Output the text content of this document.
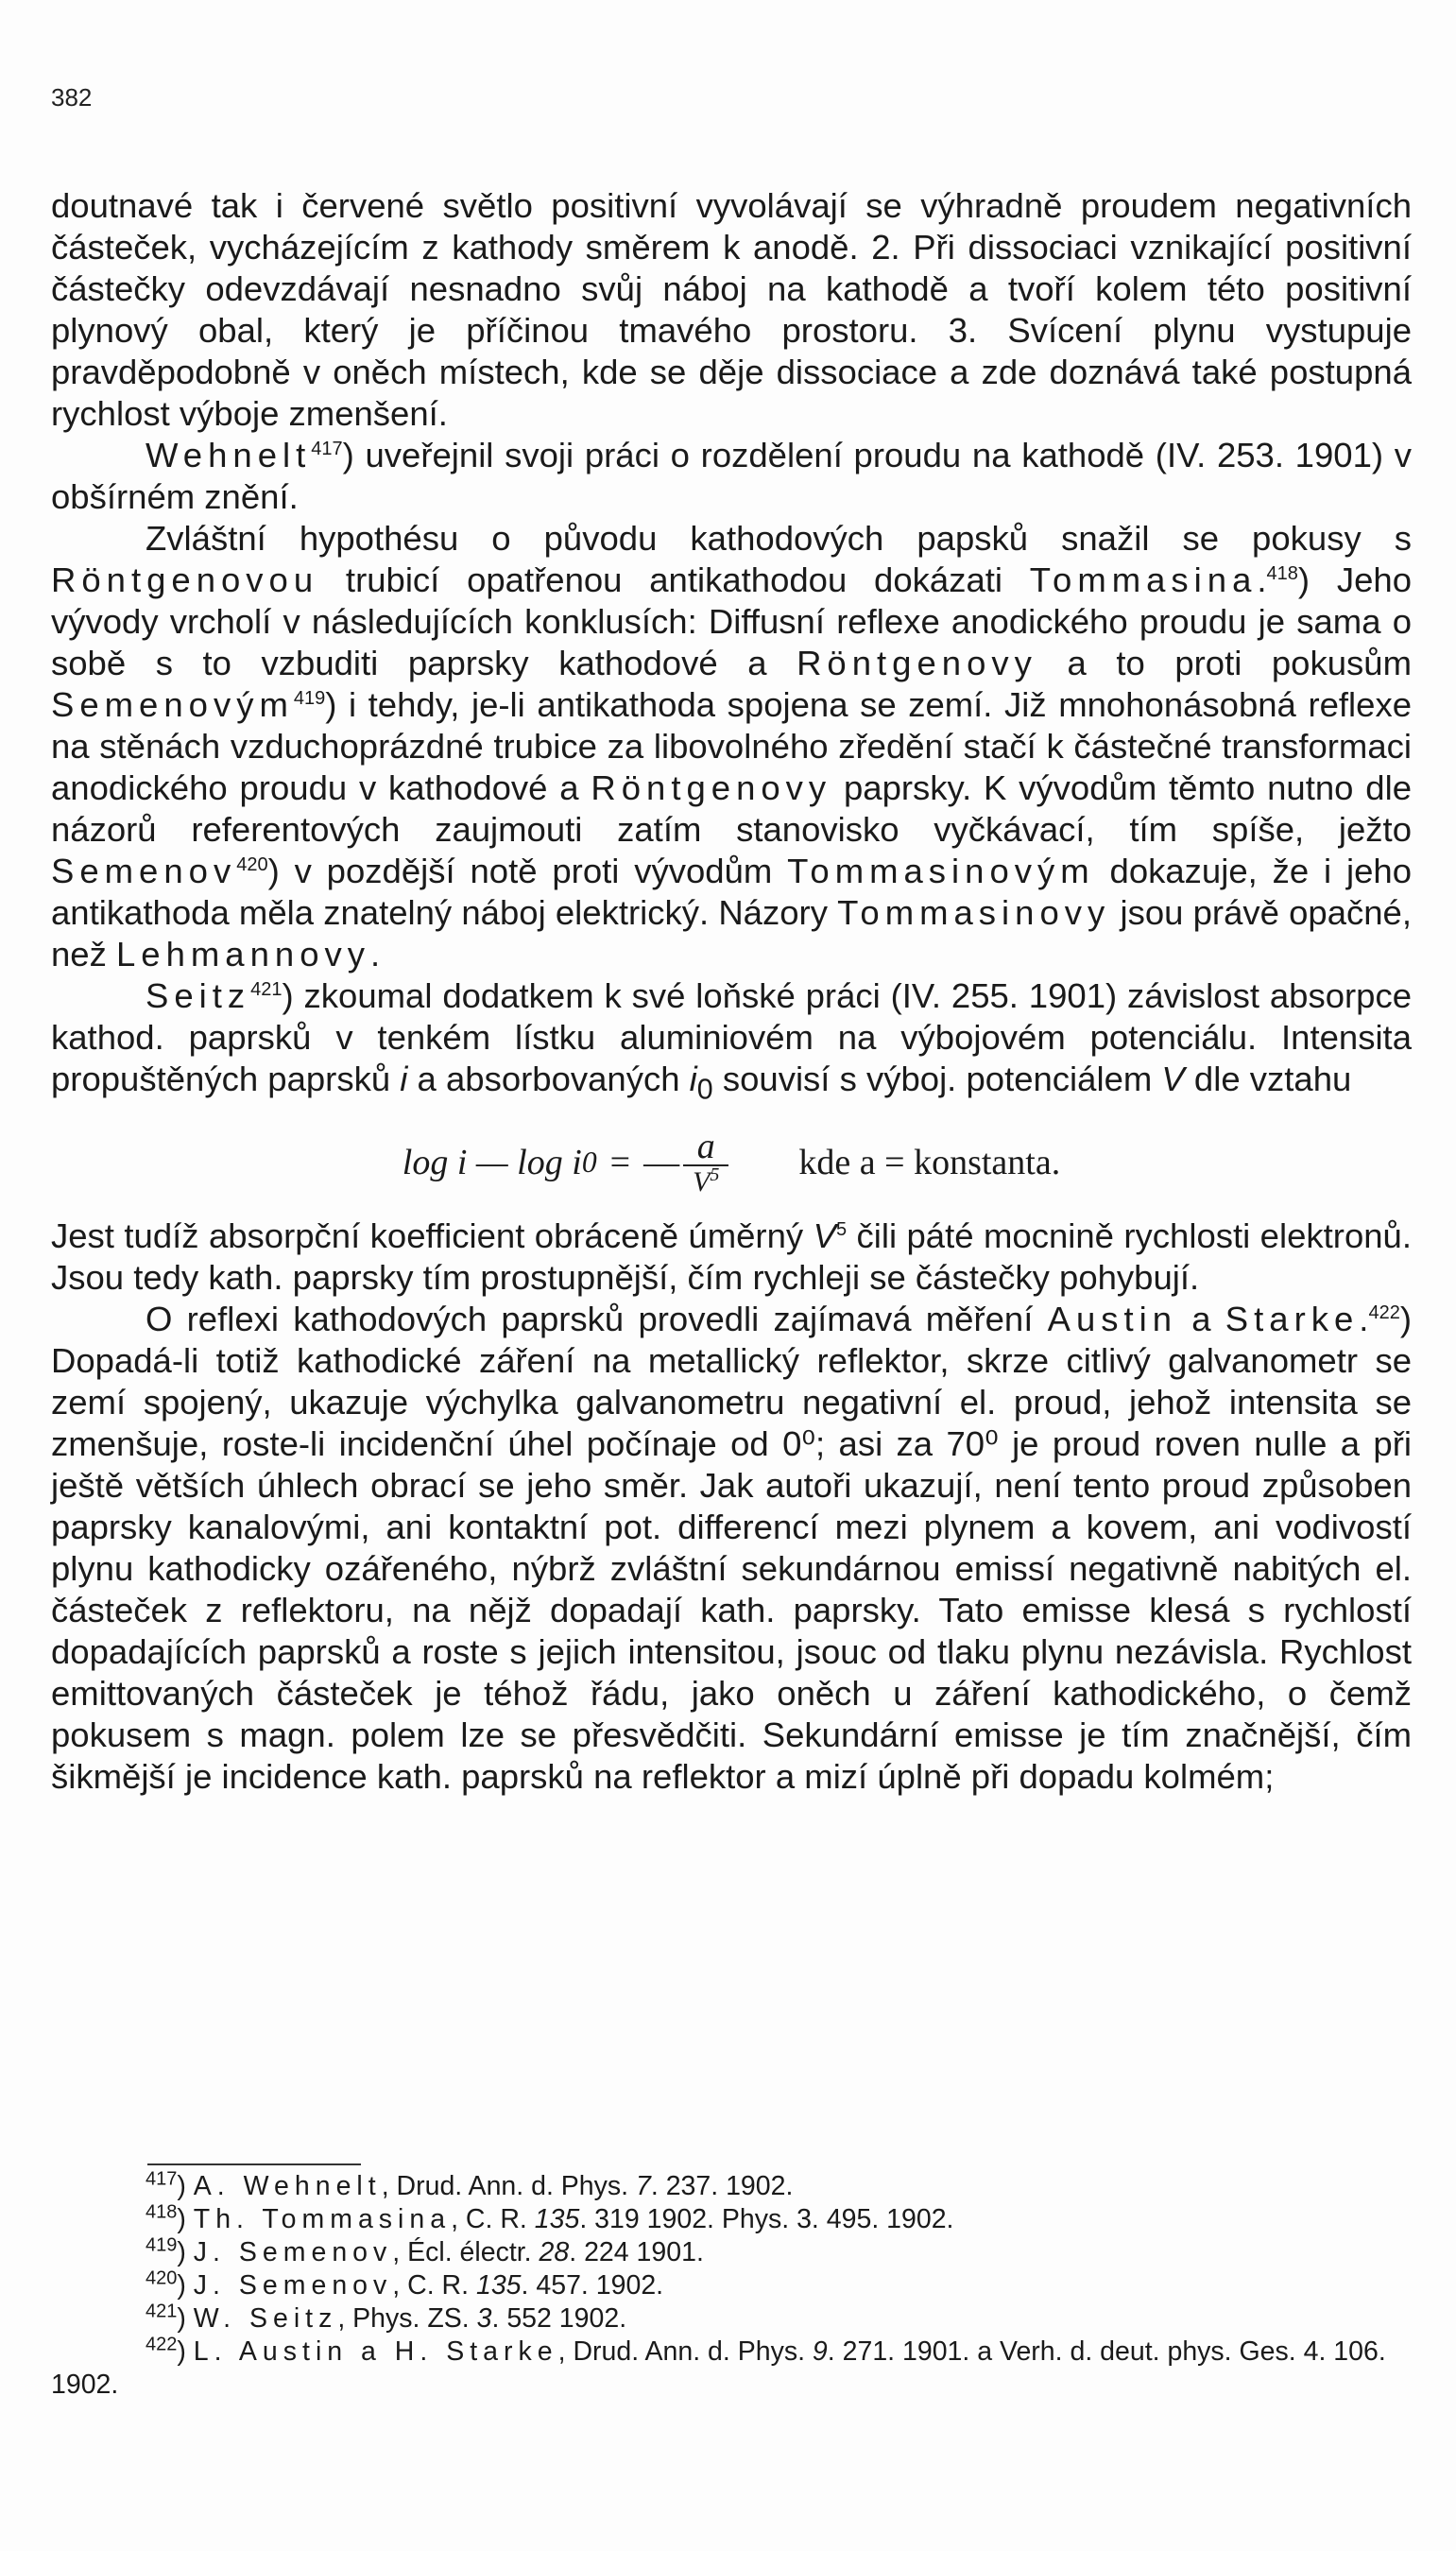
382

doutnavé tak i červené světlo positivní vyvolávají se výhradně proudem negativních částeček, vycházejícím z kathody směrem k anodě. 2. Při dissociaci vznikající positivní částečky odevzdávají nesnadno svůj náboj na kathodě a tvoří kolem této positivní plynový obal, který je příčinou tmavého prostoru. 3. Svícení plynu vystupuje pravděpodobně v oněch místech, kde se děje dissociace a zde doznává také postupná rychlost výboje zmenšení.

Wehnelt$^{417}$) uveřejnil svoji práci o rozdělení proudu na kathodě (IV. 253. 1901) v obšírném znění.

Zvláštní hypothésu o původu kathodových papsků snažil se pokusy s Röntgenovou trubicí opatřenou antikathodou dokázati Tommasina.$^{418}$) Jeho vývody vrcholí v následujících konklusích: Diffusní reflexe anodického proudu je sama o sobě s to vzbuditi paprsky kathodové a Röntgenovy a to proti pokusům Semenovým$^{419}$) i tehdy, je-li antikathoda spojena se zemí. Již mnohonásobná reflexe na stěnách vzduchoprázdné trubice za libovolného zředění stačí k částečné transformaci anodického proudu v kathodové a Röntgenovy paprsky. K vývodům těmto nutno dle názorů referentových zaujmouti zatím stanovisko vyčkávací, tím spíše, ježto Semenov$^{420}$) v pozdější notě proti vývodům Tommasinovým dokazuje, že i jeho antikathoda měla znatelný náboj elektrický. Názory Tommasinovy jsou právě opačné, než Lehmannovy.

Seitz$^{421}$) zkoumal dodatkem k své loňské práci (IV. 255. 1901) závislost absorpce kathod. paprsků v tenkém lístku aluminiovém na výbojovém potenciálu. Intensita propuštěných paprsků i a absorbovaných $i_0$ souvisí s výboj. potenciálem V dle vztahu

log i — log i 0 = — $\frac{a}{V^5}$ kde a = konstanta.

Jest tudíž absorpční koefficient obráceně úměrný $V^5$ čili páté mocnině rychlosti elektronů. Jsou tedy kath. paprsky tím prostupnější, čím rychleji se částečky pohybují.

O reflexi kathodových paprsků provedli zajímavá měření Austin a Starke.$^{422}$) Dopadá-li totiž kathodické záření na metallický reflektor, skrze citlivý galvanometr se zemí spojený, ukazuje výchylka galvanometru negativní el. proud, jehož intensita se zmenšuje, roste-li incidenční úhel počínaje od 0⁰; asi za 70⁰ je proud roven nulle a při ještě větších úhlech obrací se jeho směr. Jak autoři ukazují, není tento proud způsoben paprsky kanalovými, ani kontaktní pot. differencí mezi plynem a kovem, ani vodivostí plynu kathodicky ozářeného, nýbrž zvláštní sekundárnou emissí negativně nabitých el. částeček z reflektoru, na nějž dopadají kath. paprsky. Tato emisse klesá s rychlostí dopadajících paprsků a roste s jejich intensitou, jsouc od tlaku plynu nezávisla. Rychlost emittovaných částeček je téhož řádu, jako oněch u záření kathodického, o čemž pokusem s magn. polem lze se přesvědčiti. Sekundární emisse je tím značnější, čím šikmější je incidence kath. paprsků na reflektor a mizí úplně při dopadu kolmém;

$^{417}$) A. Wehnelt, Drud. Ann. d. Phys. 7. 237. 1902.

$^{418}$) Th. Tommasina, C. R. 135. 319 1902. Phys. 3. 495. 1902.

$^{419}$) J. Semenov, Écl. électr. 28. 224 1901.

$^{420}$) J. Semenov, C. R. 135. 457. 1902.

$^{421}$) W. Seitz, Phys. ZS. 3. 552 1902.

$^{422}$) L. Austin a H. Starke, Drud. Ann. d. Phys. 9. 271. 1901. a Verh. d. deut. phys. Ges. 4. 106. 1902.
